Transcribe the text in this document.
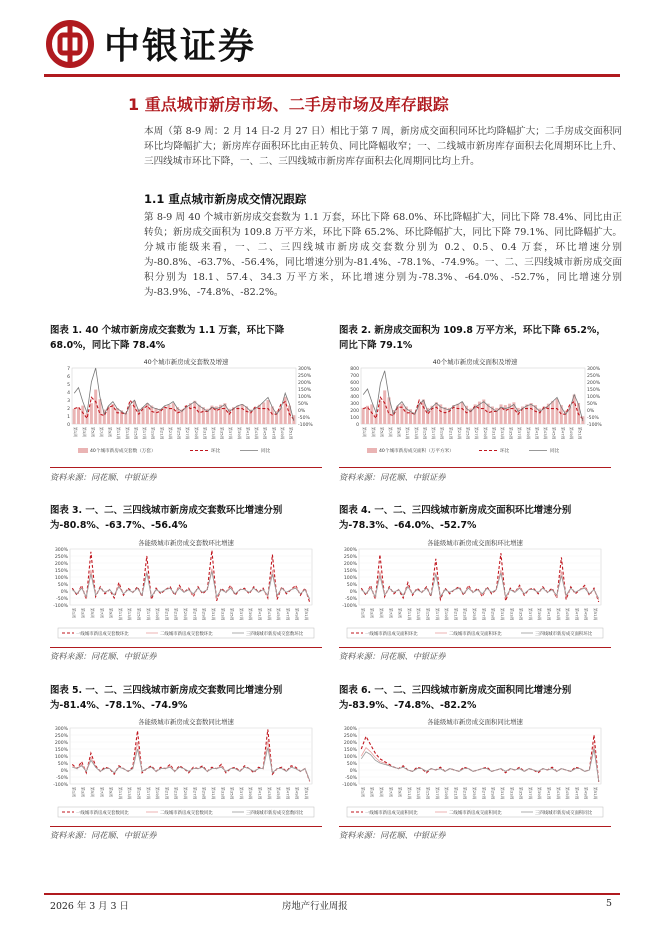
中银证券
1 重点城市新房市场、二手房市场及库存跟踪
本周（第 8-9 周：2 月 14 日-2 月 27 日）相比于第 7 周，新房成交面积同环比均降幅扩大；二手房成交面积同环比均降幅扩大；新房库存面积环比由正转负、同比降幅收窄；一、二线城市新房库存面积去化周期环比上升、三四线城市环比下降，一、二、三四线城市新房库存面积去化周期同比均上升。
1.1 重点城市新房成交情况跟踪
第 8-9 周 40 个城市新房成交套数为 1.1 万套，环比下降 68.0%、环比降幅扩大，同比下降 78.4%、同比由正转负；新房成交面积为 109.8 万平方米，环比下降 65.2%、环比降幅扩大，同比下降 79.1%、同比降幅扩大。分城市能级来看，一、二、三四线城市新房成交套数分别为 0.2、0.5、0.4 万套，环比增速分别为-80.8%、-63.7%、-56.4%，同比增速分别为-81.4%、-78.1%、-74.9%。一、二、三四线城市新房成交面积分别为 18.1、57.4、34.3 万平方米，环比增速分别为-78.3%、-64.0%、-52.7%，同比增速分别为-83.9%、-74.8%、-82.2%。
图表 1. 40 个城市新房成交套数为 1.1 万套，环比下降 68.0%，同比下降 78.4%
图表 2. 新房成交面积为 109.8 万平方米，环比下降 65.2%，同比下降 79.1%
40个城市新房成交套数及增速
0
1
2
3
4
5
6
7	300%
250%
200%
150%
100%
50%
0%
-50%
-100%
第1周 第3周 第5周 第7周 第9周 第11周 第13周 第15周 第17周 第19周 第21周 第23周 第25周 第27周 第29周 第31周 第33周 第35周 第37周 第39周 第41周 第43周 第45周 第47周 第49周 第51周
40个城市新房成交套数（万套）	环比	同比
40个城市新房成交面积及增速
0
100
200
300
400
500
600
700
800	300%
250%
200%
150%
100%
50%
0%
-50%
-100%
第1周 第3周 第5周 第7周 第9周 第11周 第13周 第15周 第17周 第19周 第21周 第23周 第25周 第27周 第29周 第31周 第33周 第35周 第37周 第39周 第41周 第43周 第45周 第47周 第49周 第51周
40个城市新房成交面积（万平方米）	环比	同比
资料来源：同花顺、中银证券	资料来源：同花顺、中银证券
图表 3. 一、二、三四线城市新房成交套数环比增速分别为-80.8%、-63.7%、-56.4%
图表 4. 一、二、三四线城市新房成交面积环比增速分别为-78.3%、-64.0%、-52.7%
各能级城市新房成交套数环比增速
300%
250%
200%
150%
100%
50%
0%
-50%
-100%
第1周 第3周 第5周 第7周 第9周 第11周 第13周 第15周 第17周 第19周 第21周 第23周 第25周 第27周 第29周 第31周 第33周 第35周 第37周 第39周 第41周 第43周 第45周 第47周 第49周 第51周
一线城市新房成交套数环比	二线城市新房成交套数环比	三四线城市新房成交套数环比
各能级城市新房成交面积环比增速
300%
250%
200%
150%
100%
50%
0%
-50%
-100%
第1周 第3周 第5周 第7周 第9周 第11周 第13周 第15周 第17周 第19周 第21周 第23周 第25周 第27周 第29周 第31周 第33周 第35周 第37周 第39周 第41周 第43周 第45周 第47周 第49周 第51周
一线城市新房成交面积环比	二线城市新房成交面积环比	三四线城市新房成交面积环比
资料来源：同花顺、中银证券	资料来源：同花顺、中银证券
图表 5. 一、二、三四线城市新房成交套数同比增速分别为-81.4%、-78.1%、-74.9%
图表 6. 一、二、三四线城市新房成交面积同比增速分别为-83.9%、-74.8%、-82.2%
各能级城市新房成交套数同比增速
300%
250%
200%
150%
100%
50%
0%
-50%
-100%
第1周 第3周 第5周 第7周 第9周 第11周 第13周 第15周 第17周 第19周 第21周 第23周 第25周 第27周 第29周 第31周 第33周 第35周 第37周 第39周 第41周 第43周 第45周 第47周 第49周 第51周
一线城市新房成交套数同比	二线城市新房成交套数同比	三四线城市新房成交套数同比
各能级城市新房成交面积同比增速
300%
250%
200%
150%
100%
50%
0%
-50%
-100%
第1周 第3周 第5周 第7周 第9周 第11周 第13周 第15周 第17周 第19周 第21周 第23周 第25周 第27周 第29周 第31周 第33周 第35周 第37周 第39周 第41周 第43周 第45周 第47周 第49周 第51周
一线城市新房成交面积同比	二线城市新房成交面积同比	三四线城市新房成交面积同比
资料来源：同花顺、中银证券	资料来源：同花顺、中银证券
2026 年 3 月 3 日	房地产行业周报	5
